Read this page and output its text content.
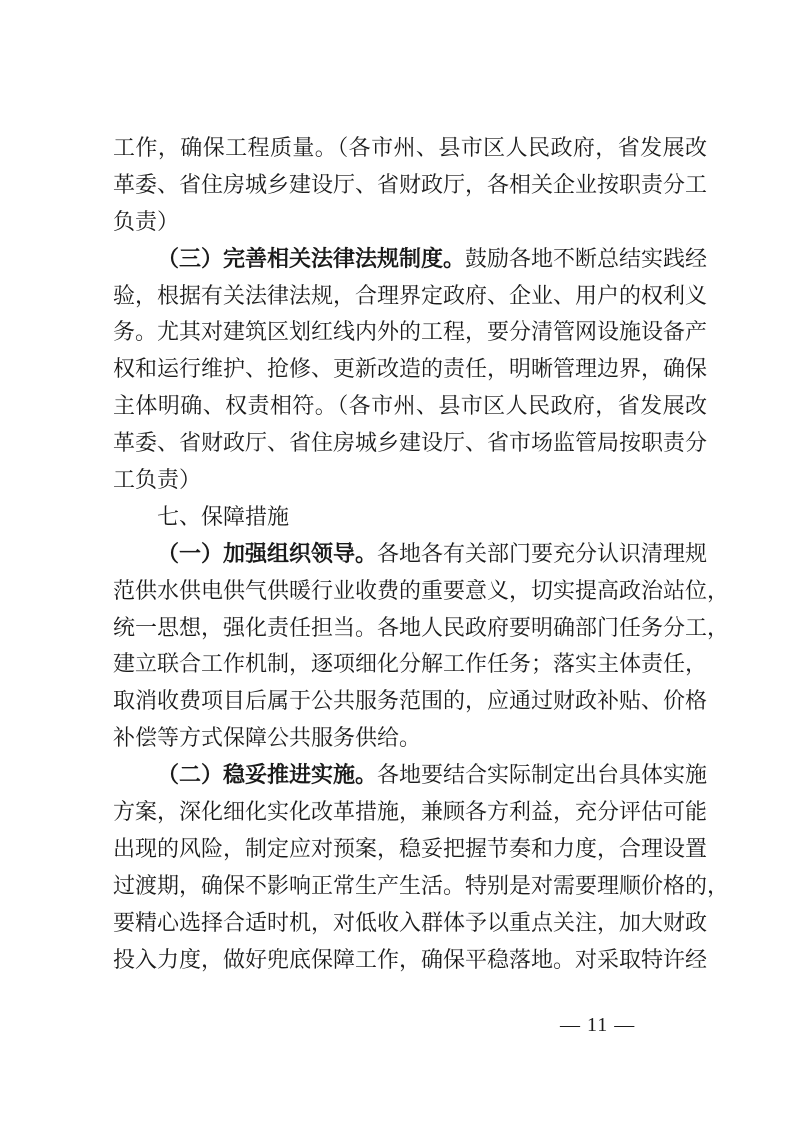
工作，确保工程质量。（各市州、县市区人民政府，省发展改
革委、省住房城乡建设厅、省财政厅，各相关企业按职责分工
负责）
（三）完善相关法律法规制度。鼓励各地不断总结实践经
验，根据有关法律法规，合理界定政府、企业、用户的权利义
务。尤其对建筑区划红线内外的工程，要分清管网设施设备产
权和运行维护、抢修、更新改造的责任，明晰管理边界，确保
主体明确、权责相符。（各市州、县市区人民政府，省发展改
革委、省财政厅、省住房城乡建设厅、省市场监管局按职责分
工负责）
七、保障措施
（一）加强组织领导。各地各有关部门要充分认识清理规
范供水供电供气供暖行业收费的重要意义，切实提高政治站位，
统一思想，强化责任担当。各地人民政府要明确部门任务分工，
建立联合工作机制，逐项细化分解工作任务；落实主体责任，
取消收费项目后属于公共服务范围的，应通过财政补贴、价格
补偿等方式保障公共服务供给。
（二）稳妥推进实施。各地要结合实际制定出台具体实施
方案，深化细化实化改革措施，兼顾各方利益，充分评估可能
出现的风险，制定应对预案，稳妥把握节奏和力度，合理设置
过渡期，确保不影响正常生产生活。特别是对需要理顺价格的，
要精心选择合适时机，对低收入群体予以重点关注，加大财政
投入力度，做好兜底保障工作，确保平稳落地。对采取特许经
— 11 —
